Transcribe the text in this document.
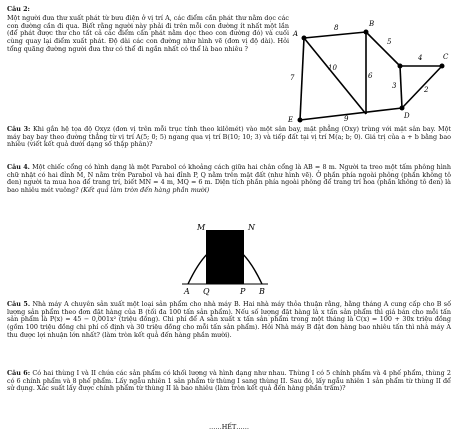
Câu 2:
Một người đưa thư xuất phát từ bưu điện ở vị trí A, các điểm cần phát thư nằm dọc các con đường cần đi qua. Biết rằng người này phải đi trên mỗi con đường ít nhất một lần (để phát được thư cho tất cả các điểm cần phát nằm dọc theo con đường đó) và cuối cùng quay lại điểm xuất phát. Độ dài các con đường như hình vẽ (đơn vị độ dài). Hỏi tổng quãng đường người đưa thư có thể đi ngắn nhất có thể là bao nhiêu ?
A
B
C
D
E
8
5
10
4
7	6
9
2
3
Câu 3: Khi gắn hệ tọa độ Oxyz (đơn vị trên mỗi trục tính theo kilômét) vào một sân bay, mặt phẳng (Oxy) trùng với mặt sân bay. Một máy bay bay theo đường thẳng từ vị trí A(5; 0; 5) ngang qua vị trí B(10; 10; 3) và tiếp đất tại vị trí M(a; b; 0). Giá trị của a + b bằng bao nhiêu (viết kết quả dưới dạng số thập phân)?
Câu 4. Một chiếc cổng có hình dạng là một Parabol có khoảng cách giữa hai chân cổng là AB = 8 m. Người ta treo một tấm phông hình chữ nhật có hai đỉnh M, N nằm trên Parabol và hai đỉnh P, Q nằm trên mặt đất (như hình vẽ). Ở phần phía ngoài phông (phần không tô đen) người ta mua hoa để trang trí, biết MN = 4 m, MQ = 6 m. Diện tích phần phía ngoài phông để trang trí hoa (phần không tô đen) là bao nhiêu mét vuông? (Kết quả làm tròn đến hàng phần mười)
M	N
A Q	P B
Câu 5. Nhà máy A chuyên sản xuất một loại sản phẩm cho nhà máy B. Hai nhà máy thỏa thuận rằng, hằng tháng A cung cấp cho B số lượng sản phẩm theo đơn đặt hàng của B (tối đa 100 tấn sản phẩm). Nếu số lượng đặt hàng là x tấn sản phẩm thì giá bán cho mỗi tấn sản phẩm là P(x) = 45 − 0,001x² (triệu đồng). Chi phí để A sản xuất x tấn sản phẩm trong một tháng là C(x) = 100 + 30x triệu đồng (gồm 100 triệu đồng chi phí cố định và 30 triệu đồng cho mỗi tấn sản phẩm). Hỏi Nhà máy B đặt đơn hàng bao nhiêu tấn thì nhà máy A thu được lợi nhuận lớn nhất? (làm tròn kết quả đến hàng phần mười).
Câu 6: Có hai thùng I và II chứa các sản phẩm có khối lượng và hình dạng như nhau. Thùng I có 5 chính phẩm và 4 phế phẩm, thùng 2 có 6 chính phẩm và 8 phế phẩm. Lấy ngẫu nhiên 1 sản phẩm từ thùng I sang thùng II. Sau đó, lấy ngẫu nhiên 1 sản phẩm từ thùng II để sử dụng. Xác suất lấy được chính phẩm từ thùng II là bao nhiêu (làm tròn kết quả đến hàng phần trăm)?
……HẾT……
